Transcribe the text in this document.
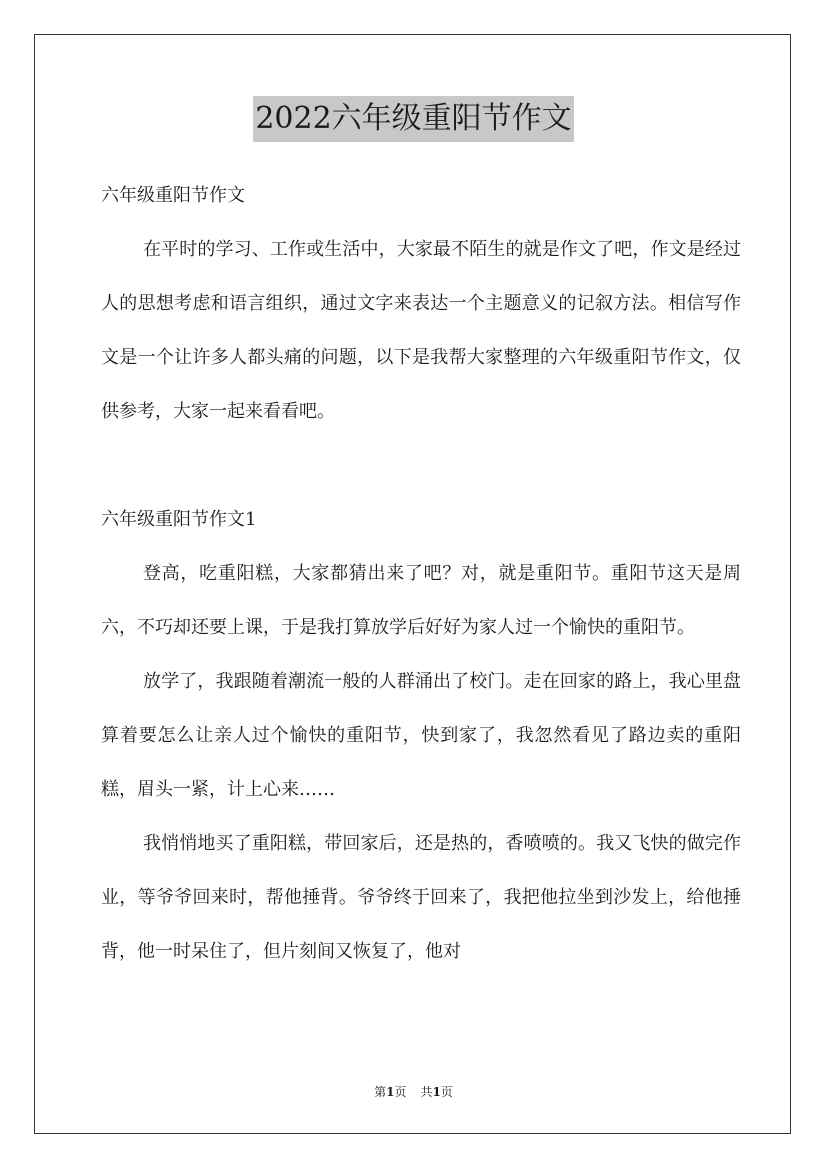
2022六年级重阳节作文
六年级重阳节作文
在平时的学习、工作或生活中，大家最不陌生的就是作文了吧，作文是经过人的思想考虑和语言组织，通过文字来表达一个主题意义的记叙方法。相信写作文是一个让许多人都头痛的问题，以下是我帮大家整理的六年级重阳节作文，仅供参考，大家一起来看看吧。
六年级重阳节作文1
登高，吃重阳糕，大家都猜出来了吧？对，就是重阳节。重阳节这天是周六，不巧却还要上课，于是我打算放学后好好为家人过一个愉快的重阳节。
放学了，我跟随着潮流一般的人群涌出了校门。走在回家的路上，我心里盘算着要怎么让亲人过个愉快的重阳节，快到家了，我忽然看见了路边卖的重阳糕，眉头一紧，计上心来……
我悄悄地买了重阳糕，带回家后，还是热的，香喷喷的。我又飞快的做完作业，等爷爷回来时，帮他捶背。爷爷终于回来了，我把他拉坐到沙发上，给他捶背，他一时呆住了，但片刻间又恢复了，他对
第1页 共1页
